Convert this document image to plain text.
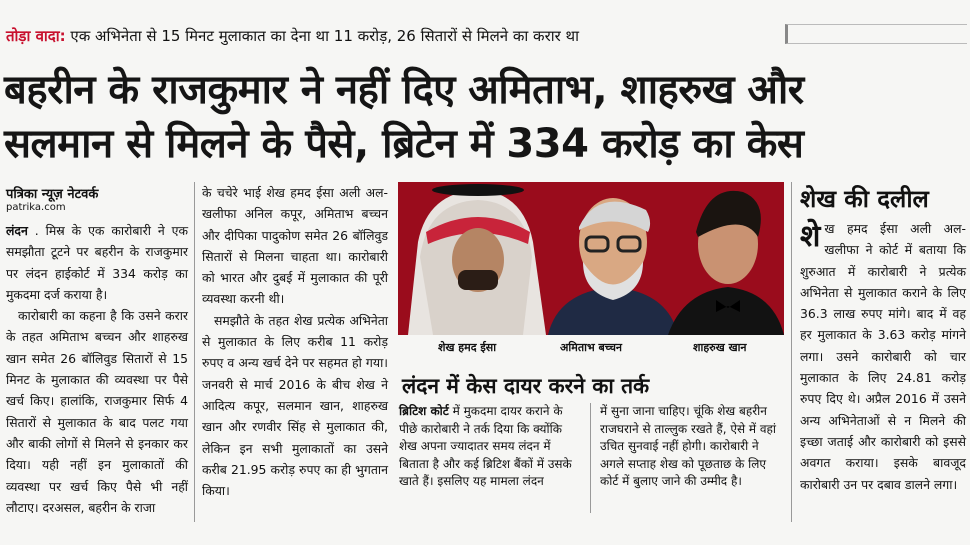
तोड़ा वादा: एक अभिनेता से 15 मिनट मुलाकात का देना था 11 करोड़, 26 सितारों से मिलने का करार था
बहरीन के राजकुमार ने नहीं दिए अमिताभ, शाहरुख और
सलमान से मिलने के पैसे, ब्रिटेन में 334 करोड़ का केस
पत्रिका न्यूज़ नेटवर्क
patrika.com
लंदन . मिस्र के एक कारोबारी ने एक समझौता टूटने पर बहरीन के राजकुमार पर लंदन हाईकोर्ट में 334 करोड़ का मुकदमा दर्ज कराया है।
कारोबारी का कहना है कि उसने करार के तहत अमिताभ बच्चन और शाहरुख खान समेत 26 बॉलिवुड सितारों से 15 मिनट के मुलाकात की व्यवस्था पर पैसे खर्च किए। हालांकि, राजकुमार सिर्फ 4 सितारों से मुलाकात के बाद पलट गया और बाकी लोगों से मिलने से इनकार कर दिया। यही नहीं इन मुलाकातों की व्यवस्था पर खर्च किए पैसे भी नहीं लौटाए। दरअसल, बहरीन के राजा
के चचेरे भाई शेख हमद ईसा अली अल-खलीफा अनिल कपूर, अमिताभ बच्चन और दीपिका पादुकोण समेत 26 बॉलिवुड सितारों से मिलना चाहता था। कारोबारी को भारत और दुबई में मुलाकात की पूरी व्यवस्था करनी थी।
समझौते के तहत शेख प्रत्येक अभिनेता से मुलाकात के लिए करीब 11 करोड़ रुपए व अन्य खर्च देने पर सहमत हो गया। जनवरी से मार्च 2016 के बीच शेख ने आदित्य कपूर, सलमान खान, शाहरुख खान और रणवीर सिंह से मुलाकात की, लेकिन इन सभी मुलाकातों का उसने करीब 21.95 करोड़ रुपए का ही भुगतान किया।
शेख हमद ईसा	अमिताभ बच्चन	शाहरुख खान
लंदन में केस दायर करने का तर्क
ब्रिटिश कोर्ट में मुकदमा दायर कराने के पीछे कारोबारी ने तर्क दिया कि क्योंकि शेख अपना ज्यादातर समय लंदन में बिताता है और कई ब्रिटिश बैंकों में उसके खाते हैं। इसलिए यह मामला लंदन
में सुना जाना चाहिए। चूंकि शेख बहरीन राजघराने से ताल्लुक रखते हैं, ऐसे में वहां उचित सुनवाई नहीं होगी। कारोबारी ने अगले सप्ताह शेख को पूछताछ के लिए कोर्ट में बुलाए जाने की उम्मीद है।
शेख की दलील
शेख हमद ईसा अली अल-खलीफा ने कोर्ट में बताया कि शुरुआत में कारोबारी ने प्रत्येक अभिनेता से मुलाकात कराने के लिए 36.3 लाख रुपए मांगे। बाद में वह हर मुलाकात के 3.63 करोड़ मांगने लगा। उसने कारोबारी को चार मुलाकात के लिए 24.81 करोड़ रुपए दिए थे। अप्रैल 2016 में उसने अन्य अभिनेताओं से न मिलने की इच्छा जताई और कारोबारी को इससे अवगत कराया। इसके बावजूद कारोबारी उन पर दबाव डालने लगा।
